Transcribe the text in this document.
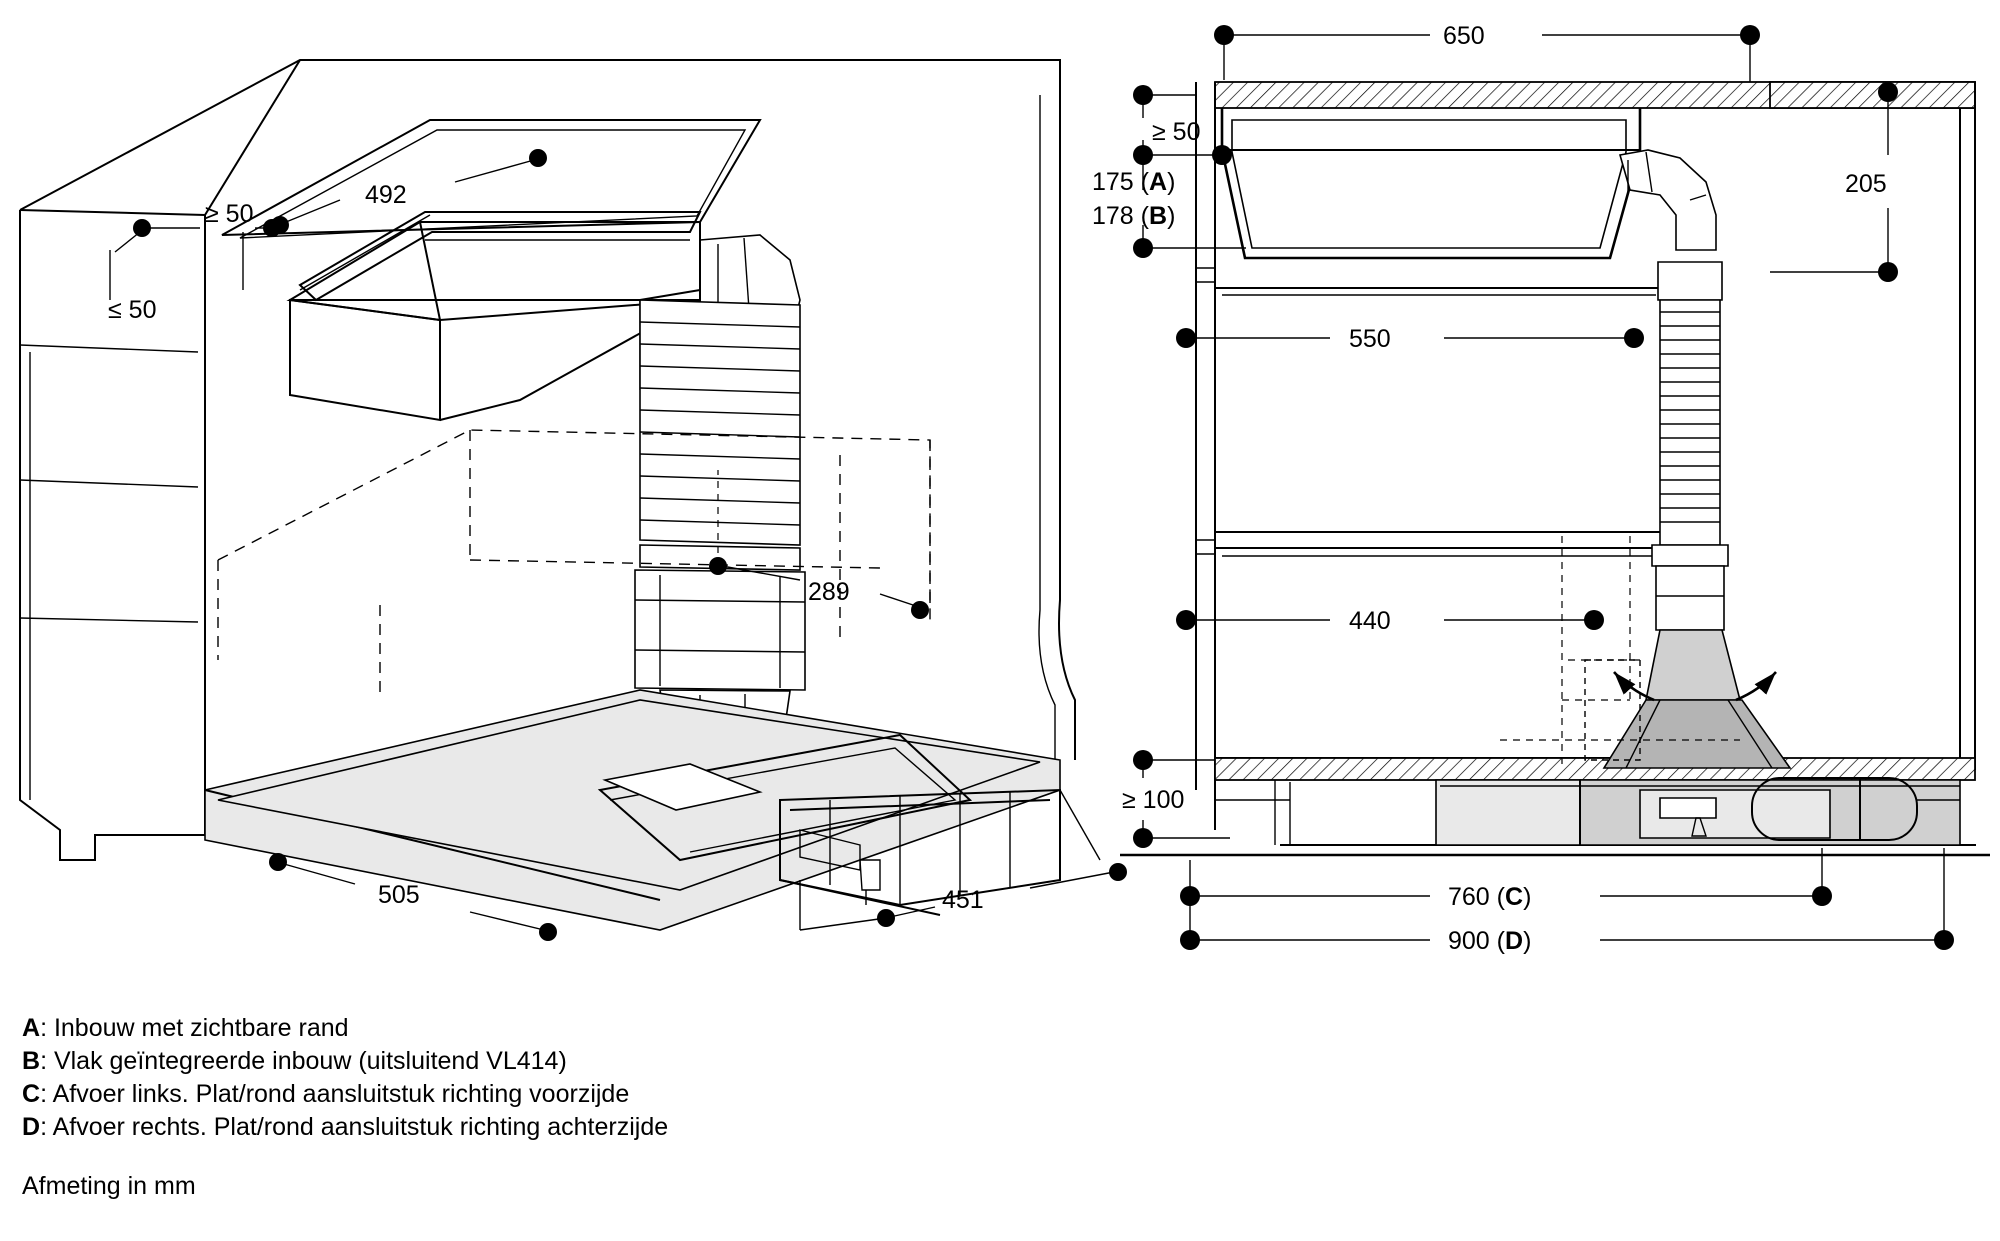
492
≥ 50
≤ 50
289
505	451
650
≥ 50
175 (A)
178 (B)
205
550
440
≥ 100
760 (C)
900 (D)
A: Inbouw met zichtbare rand
B: Vlak geïntegreerde inbouw (uitsluitend VL414)
C: Afvoer links. Plat/rond aansluitstuk richting voorzijde
D: Afvoer rechts. Plat/rond aansluitstuk richting achterzijde
Afmeting in mm
